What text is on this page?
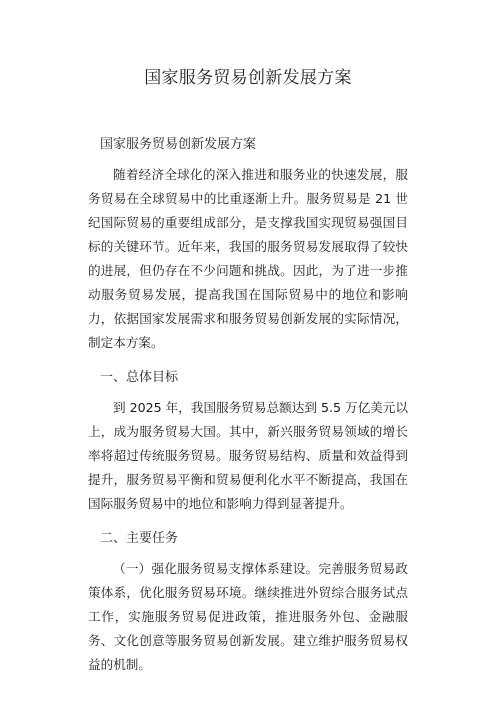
国家服务贸易创新发展方案

国家服务贸易创新发展方案

随着经济全球化的深入推进和服务业的快速发展，服务贸易在全球贸易中的比重逐渐上升。服务贸易是 21 世纪国际贸易的重要组成部分，是支撑我国实现贸易强国目标的关键环节。近年来，我国的服务贸易发展取得了较快的进展，但仍存在不少问题和挑战。因此，为了进一步推动服务贸易发展，提高我国在国际贸易中的地位和影响力，依据国家发展需求和服务贸易创新发展的实际情况，制定本方案。

一、总体目标

到 2025 年，我国服务贸易总额达到 5.5 万亿美元以上，成为服务贸易大国。其中，新兴服务贸易领域的增长率将超过传统服务贸易。服务贸易结构、质量和效益得到提升，服务贸易平衡和贸易便利化水平不断提高，我国在国际服务贸易中的地位和影响力得到显著提升。

二、主要任务

（一）强化服务贸易支撑体系建设。完善服务贸易政策体系，优化服务贸易环境。继续推进外贸综合服务试点工作，实施服务贸易促进政策，推进服务外包、金融服务、文化创意等服务贸易创新发展。建立维护服务贸易权益的机制。
